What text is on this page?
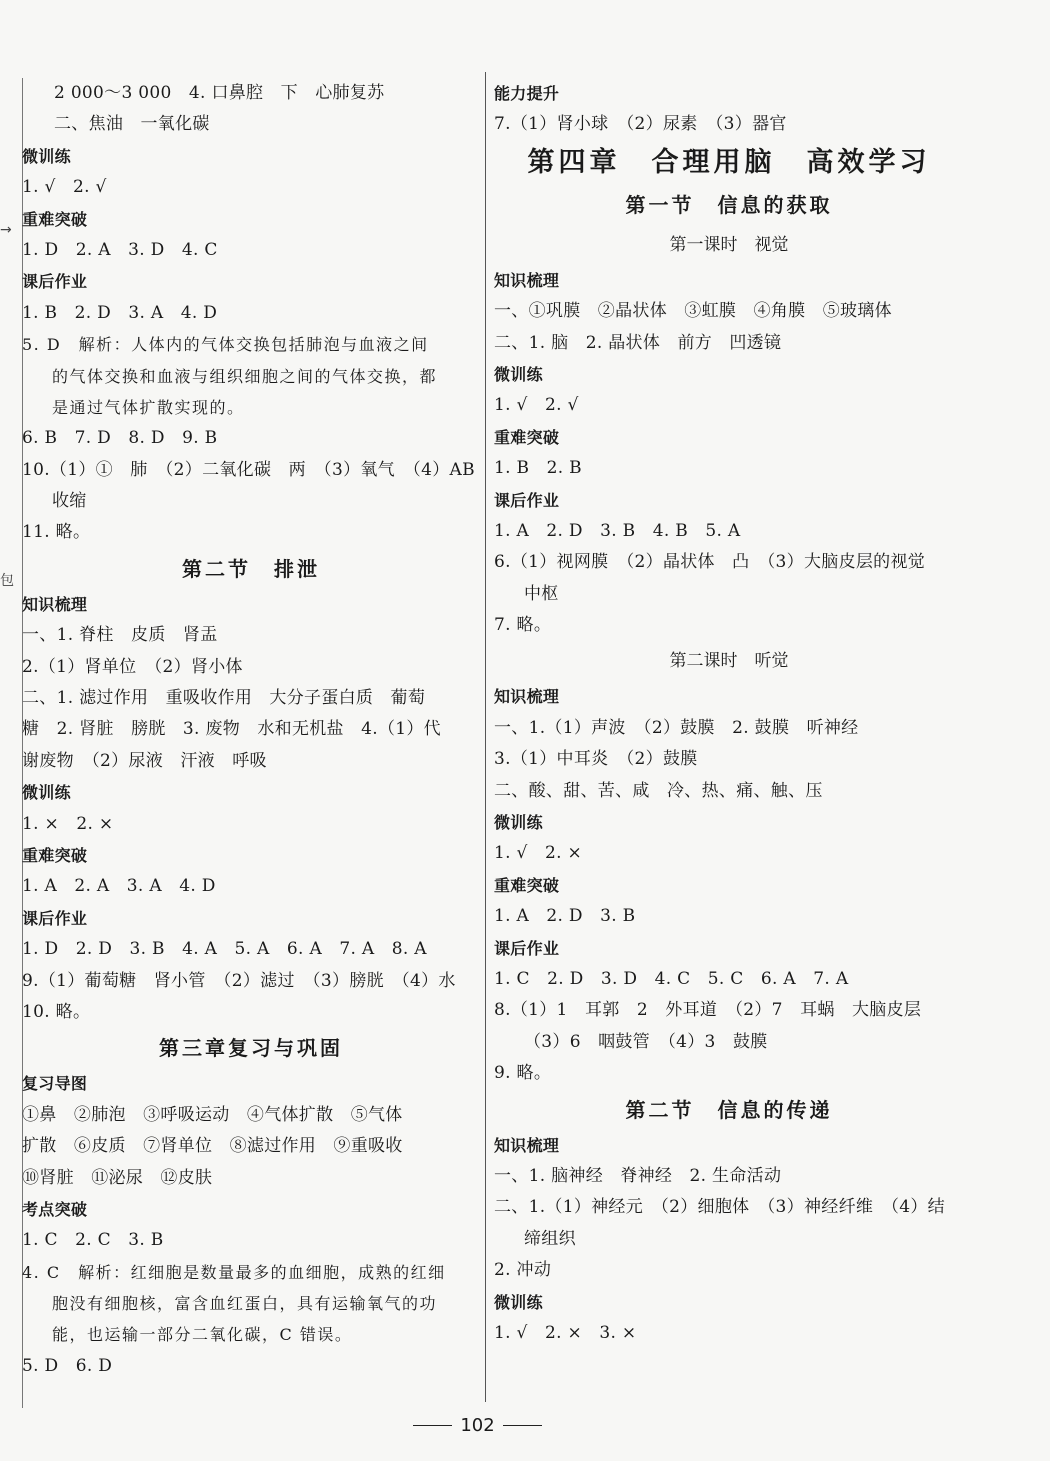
→
包
2 000～3 000　4. 口鼻腔　下　心肺复苏
二、焦油　一氧化碳
微训练
1. √　2. √
重难突破
1. D　2. A　3. D　4. C
课后作业
1. B　2. D　3. A　4. D
5. D　解析：人体内的气体交换包括肺泡与血液之间
的气体交换和血液与组织细胞之间的气体交换，都
是通过气体扩散实现的。
6. B　7. D　8. D　9. B
10.（1）①　肺　（2）二氧化碳　两　（3）氧气　（4）AB
收缩
11. 略。
第二节　排泄
知识梳理
一、1. 脊柱　皮质　肾盂
2.（1）肾单位　（2）肾小体
二、1. 滤过作用　重吸收作用　大分子蛋白质　葡萄
糖　2. 肾脏　膀胱　3. 废物　水和无机盐　4.（1）代
谢废物　（2）尿液　汗液　呼吸
微训练
1. ×　2. ×
重难突破
1. A　2. A　3. A　4. D
课后作业
1. D　2. D　3. B　4. A　5. A　6. A　7. A　8. A
9.（1）葡萄糖　肾小管　（2）滤过　（3）膀胱　（4）水
10. 略。
第三章复习与巩固
复习导图
①鼻　②肺泡　③呼吸运动　④气体扩散　⑤气体
扩散　⑥皮质　⑦肾单位　⑧滤过作用　⑨重吸收
⑩肾脏　⑪泌尿　⑫皮肤
考点突破
1. C　2. C　3. B
4. C　解析：红细胞是数量最多的血细胞，成熟的红细
胞没有细胞核，富含血红蛋白，具有运输氧气的功
能，也运输一部分二氧化碳，C 错误。
5. D　6. D
能力提升
7.（1）肾小球　（2）尿素　（3）器官
第四章　合理用脑　高效学习
第一节　信息的获取
第一课时　视觉
知识梳理
一、①巩膜　②晶状体　③虹膜　④角膜　⑤玻璃体
二、1. 脑　2. 晶状体　前方　凹透镜
微训练
1. √　2. √
重难突破
1. B　2. B
课后作业
1. A　2. D　3. B　4. B　5. A
6.（1）视网膜　（2）晶状体　凸　（3）大脑皮层的视觉
中枢
7. 略。
第二课时　听觉
知识梳理
一、1.（1）声波　（2）鼓膜　2. 鼓膜　听神经
3.（1）中耳炎　（2）鼓膜
二、酸、甜、苦、咸　冷、热、痛、触、压
微训练
1. √　2. ×
重难突破
1. A　2. D　3. B
课后作业
1. C　2. D　3. D　4. C　5. C　6. A　7. A
8.（1）1　耳郭　2　外耳道　（2）7　耳蜗　大脑皮层
（3）6　咽鼓管　（4）3　鼓膜
9. 略。
第二节　信息的传递
知识梳理
一、1. 脑神经　脊神经　2. 生命活动
二、1.（1）神经元　（2）细胞体　（3）神经纤维　（4）结
缔组织
2. 冲动
微训练
1. √　2. ×　3. ×
102
